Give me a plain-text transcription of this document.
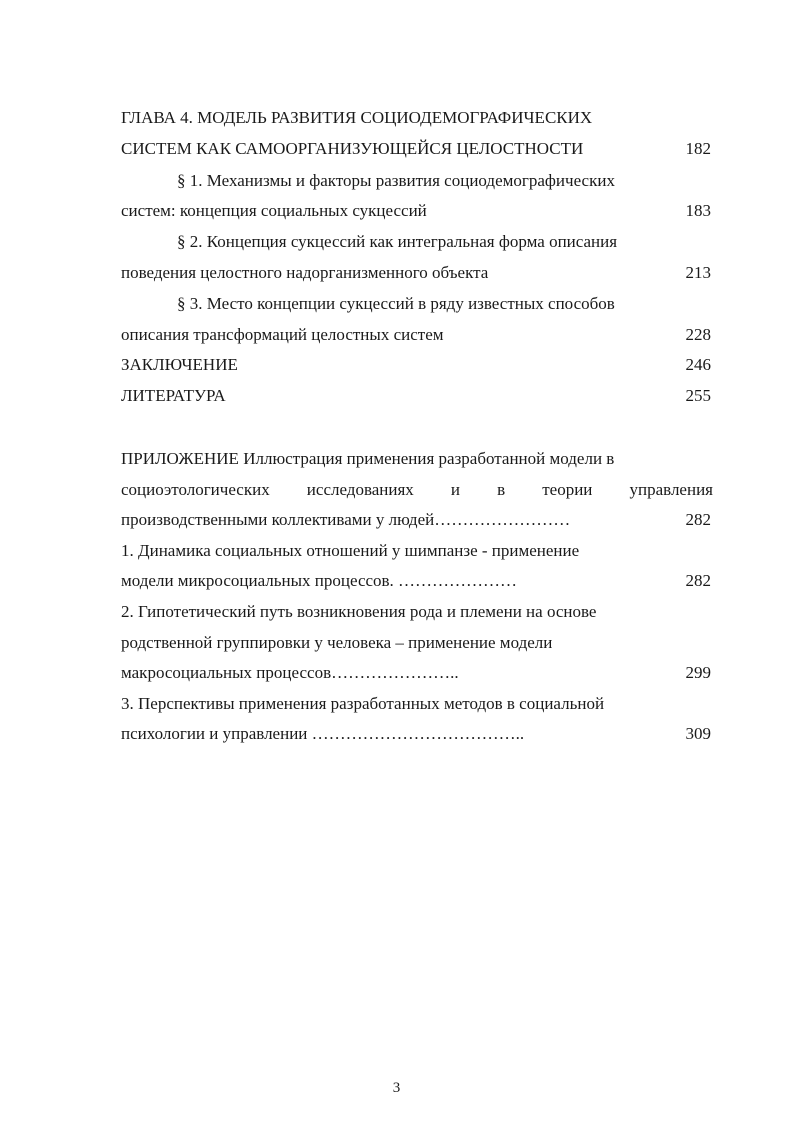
ГЛАВА 4. МОДЕЛЬ РАЗВИТИЯ СОЦИОДЕМОГРАФИЧЕСКИХ
СИСТЕМ КАК САМООРГАНИЗУЮЩЕЙСЯ ЦЕЛОСТНОСТИ	182
§ 1. Механизмы и факторы развития социодемографических
систем: концепция социальных сукцессий	183
§ 2. Концепция сукцессий как интегральная форма описания
поведения целостного надорганизменного объекта	213
§ 3. Место концепции сукцессий в ряду известных способов
описания трансформаций целостных систем	228
ЗАКЛЮЧЕНИЕ	246
ЛИТЕРАТУРА	255
ПРИЛОЖЕНИЕ Иллюстрация применения разработанной модели в
социоэтологических исследованиях и в теории управления
производственными коллективами у людей……………………	282
1. Динамика социальных отношений у шимпанзе - применение
модели микросоциальных процессов. …………………	282
2. Гипотетический путь возникновения рода и племени на основе
родственной группировки у человека – применение модели
макросоциальных процессов…………………..	299
3. Перспективы применения разработанных методов в социальной
психологии и управлении ………………………………..	309
3
